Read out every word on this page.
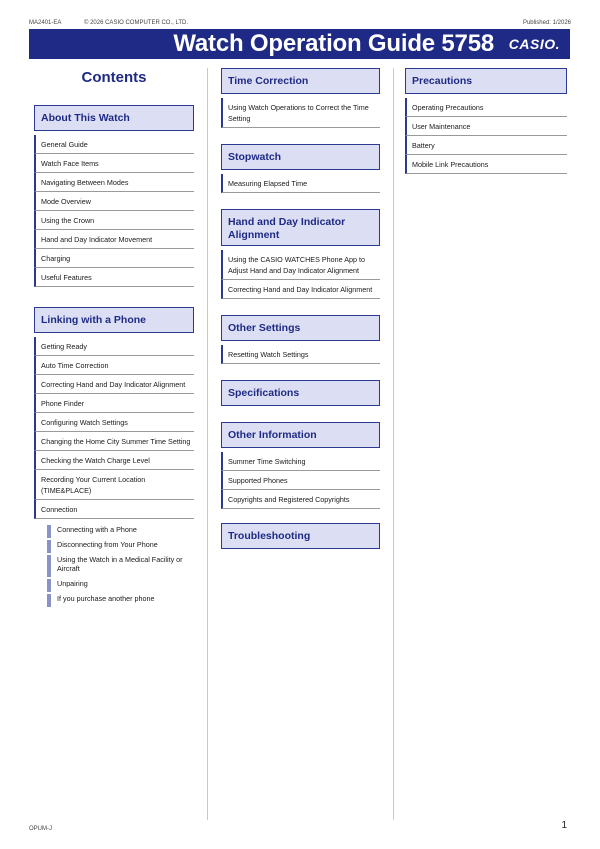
MA2401-EA	© 2026 CASIO COMPUTER CO., LTD.	Published: 1/2026
Watch Operation Guide 5758 CASIO.
Contents
About This Watch
General Guide
Watch Face Items
Navigating Between Modes
Mode Overview
Using the Crown
Hand and Day Indicator Movement
Charging
Useful Features
Linking with a Phone
Getting Ready
Auto Time Correction
Correcting Hand and Day Indicator Alignment
Phone Finder
Configuring Watch Settings
Changing the Home City Summer Time Setting
Checking the Watch Charge Level
Recording Your Current Location (TIME&PLACE)
Connection
Connecting with a Phone
Disconnecting from Your Phone
Using the Watch in a Medical Facility or Aircraft
Unpairing
If you purchase another phone
Time Correction
Using Watch Operations to Correct the Time Setting
Stopwatch
Measuring Elapsed Time
Hand and Day Indicator Alignment
Using the CASIO WATCHES Phone App to Adjust Hand and Day Indicator Alignment
Correcting Hand and Day Indicator Alignment
Other Settings
Resetting Watch Settings
Specifications
Other Information
Summer Time Switching
Supported Phones
Copyrights and Registered Copyrights
Troubleshooting
Precautions
Operating Precautions
User Maintenance
Battery
Mobile Link Precautions
OPUM-J	1
